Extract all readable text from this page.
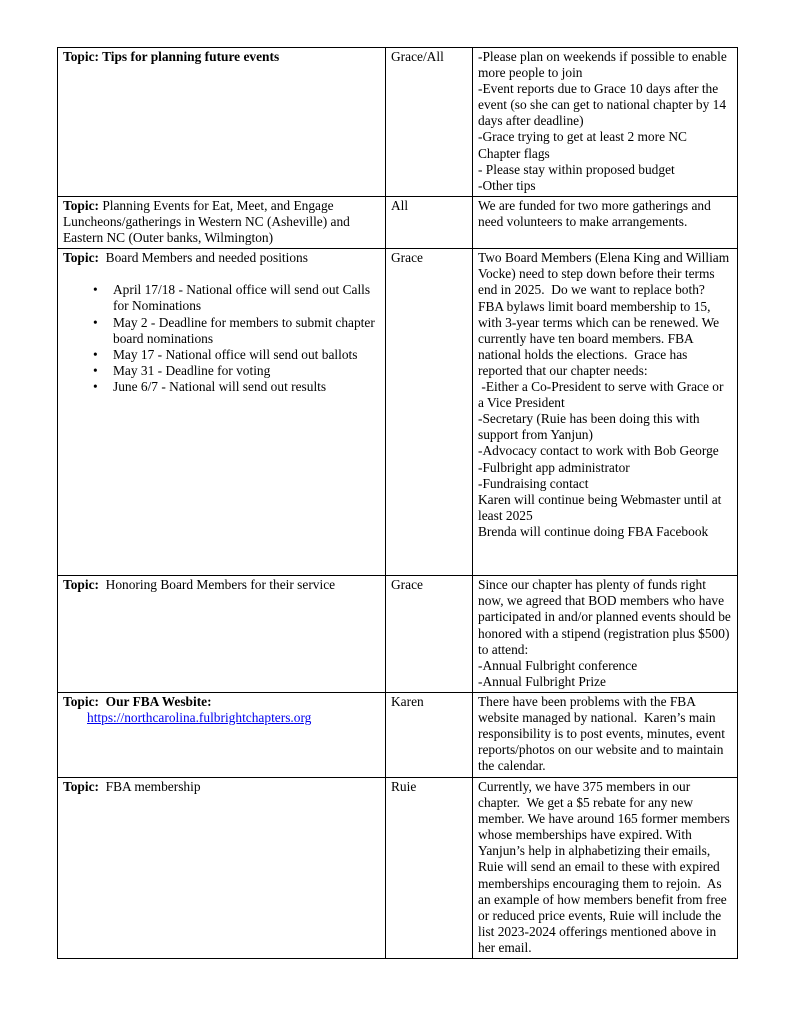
Topic: Tips for planning future events	Grace/All	-Please plan on weekends if possible to enable more people to join
-Event reports due to Grace 10 days after the event (so she can get to national chapter by 14 days after deadline)
-Grace trying to get at least 2 more NC Chapter flags
- Please stay within proposed budget
-Other tips

Topic: Planning Events for Eat, Meet, and Engage Luncheons/gatherings in Western NC (Asheville) and Eastern NC (Outer banks, Wilmington)	All	We are funded for two more gatherings and need volunteers to make arrangements.

Topic:  Board Members and needed positions

• April 17/18 - National office will send out Calls for Nominations
• May 2 - Deadline for members to submit chapter board nominations
• May 17 - National office will send out ballots
• May 31 - Deadline for voting
• June 6/7 - National will send out results
	Grace	Two Board Members (Elena King and William Vocke) need to step down before their terms end in 2025.  Do we want to replace both? FBA bylaws limit board membership to 15, with 3-year terms which can be renewed. We currently have ten board members. FBA national holds the elections.  Grace has reported that our chapter needs:
-Either a Co-President to serve with Grace or a Vice President
-Secretary (Ruie has been doing this with support from Yanjun)
-Advocacy contact to work with Bob George
-Fulbright app administrator
-Fundraising contact
Karen will continue being Webmaster until at least 2025
Brenda will continue doing FBA Facebook

Topic:  Honoring Board Members for their service	Grace	Since our chapter has plenty of funds right now, we agreed that BOD members who have participated in and/or planned events should be honored with a stipend (registration plus $500) to attend:
-Annual Fulbright conference
-Annual Fulbright Prize

Topic:  Our FBA Wesbite:

https://northcarolina.fulbrightchapters.org	Karen	There have been problems with the FBA website managed by national.  Karen’s main responsibility is to post events, minutes, event reports/photos on our website and to maintain the calendar.

Topic:  FBA membership	Ruie	Currently, we have 375 members in our chapter.  We get a $5 rebate for any new member. We have around 165 former members whose memberships have expired. With Yanjun’s help in alphabetizing their emails, Ruie will send an email to these with expired memberships encouraging them to rejoin.  As an example of how members benefit from free or reduced price events, Ruie will include the list 2023-2024 offerings mentioned above in her email.
